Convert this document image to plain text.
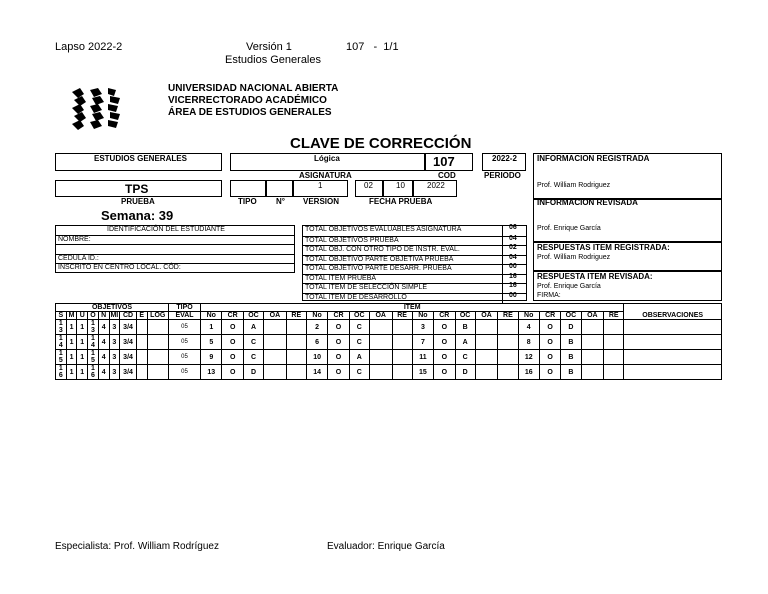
Lapso 2022-2	Versión 1
Estudios Generales
107   -  1/1
UNIVERSIDAD NACIONAL ABIERTA
VICERRECTORADO ACADÉMICO
ÁREA DE ESTUDIOS GENERALES
CLAVE DE CORRECCIÓN
ESTUDIOS GENERALES	Lógica
ASIGNATURA
107
COD
2022-2
PERIODO
INFORMACION REGISTRADA
Prof. William Rodriguez
TPS
PRUEBA
Semana: 39
1	02	10	2022
TIPO N° VERSION	FECHA PRUEBA	INFORMACION REVISADA
Prof. Enrique García
IDENTIFICACIÓN DEL ESTUDIANTE
NOMBRE:
CEDULA ID.:
INSCRITO EN CENTRO LOCAL. CÓD:
TOTAL OBJETIVOS EVALUABLES ASIGNATURA	06
TOTAL OBJETIVOS PRUEBA	04
TOTAL OBJ. CON OTRO TIPO DE INSTR. EVAL.	02
TOTAL OBJETIVO PARTE OBJETIVA PRUEBA	04
TOTAL OBJETIVO PARTE DESARR. PRUEBA	00
TOTAL ITEM PRUEBA	16
TOTAL ITEM DE SELECCIÓN SIMPLE	16
TOTAL ITEM DE DESARROLLO	00
RESPUESTAS ITEM REGISTRADA:
Prof. William Rodriguez
RESPUESTA ITEM REVISADA:
Prof. Enrique García
FIRMA:
OBJETIVOS									TIPO	ITEM																				
S	M	U	O	N	MI	CD	E	LOG	EVAL	No	CR	OC	OA	RE	No	CR	OC	OA	RE	No	CR	OC	OA	RE	No	CR	OC	OA	RE	OBSERVACIONES
1 3	1	1	1 3	4	3	3/4			05	1	O	A			2	O	C			3	O	B			4	O	D			
1 4	1	1	1 4	4	3	3/4			05	5	O	C			6	O	C			7	O	A			8	O	B			
1 5	1	1	1 5	4	3	3/4			05	9	O	C			10	O	A			11	O	C			12	O	B			
1 6	1	1	1 6	4	3	3/4			05	13	O	D			14	O	C			15	O	D			16	O	B			
Especialista: Prof. William Rodríguez	Evaluador: Enrique García
